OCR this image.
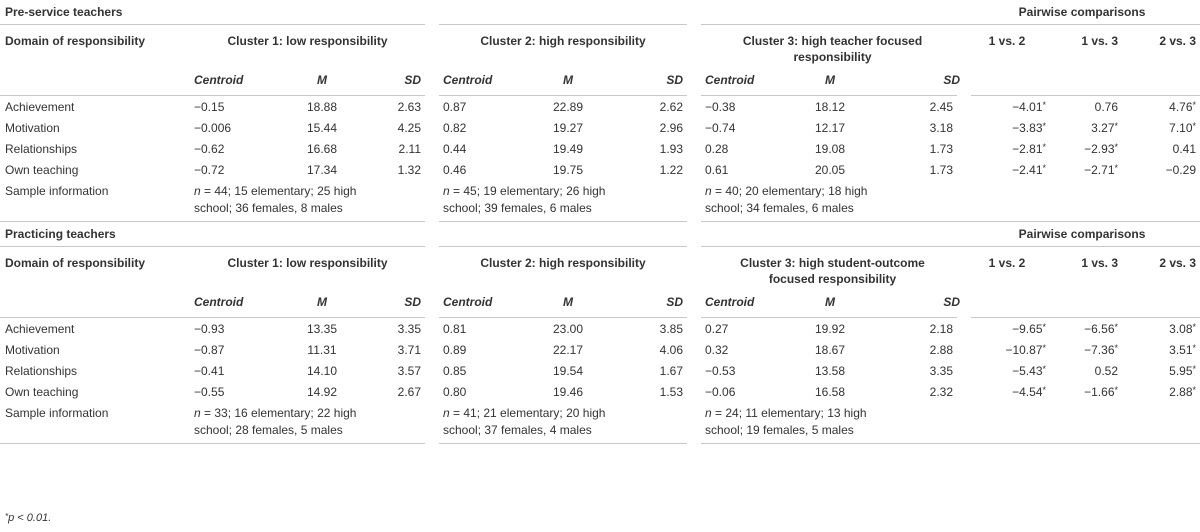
Pre-service teachers										Pairwise comparisons		
Domain of responsibility	Cluster 1: low responsibility			Cluster 2: high responsibility			Cluster 3: high teacher focused responsibility			1 vs. 2	1 vs. 3	2 vs. 3
	Centroid	M	SD	Centroid	M	SD	Centroid	M	SD			
Achievement	−0.15	18.88	2.63	0.87	22.89	2.62	−0.38	18.12	2.45	−4.01*	0.76	4.76*
Motivation	−0.006	15.44	4.25	0.82	19.27	2.96	−0.74	12.17	3.18	−3.83*	3.27*	7.10*
Relationships	−0.62	16.68	2.11	0.44	19.49	1.93	0.28	19.08	1.73	−2.81*	−2.93*	0.41
Own teaching	−0.72	17.34	1.32	0.46	19.75	1.22	0.61	20.05	1.73	−2.41*	−2.71*	−0.29
Sample information	n = 44; 15 elementary; 25 high school; 36 females, 8 males			n = 45; 19 elementary; 26 high school; 39 females, 6 males			n = 40; 20 elementary; 18 high school; 34 females, 6 males					

Practicing teachers										Pairwise comparisons		
Domain of responsibility	Cluster 1: low responsibility			Cluster 2: high responsibility			Cluster 3: high student-outcome focused responsibility			1 vs. 2	1 vs. 3	2 vs. 3
	Centroid	M	SD	Centroid	M	SD	Centroid	M	SD			
Achievement	−0.93	13.35	3.35	0.81	23.00	3.85	0.27	19.92	2.18	−9.65*	−6.56*	3.08*
Motivation	−0.87	11.31	3.71	0.89	22.17	4.06	0.32	18.67	2.88	−10.87*	−7.36*	3.51*
Relationships	−0.41	14.10	3.57	0.85	19.54	1.67	−0.53	13.58	3.35	−5.43*	0.52	5.95*
Own teaching	−0.55	14.92	2.67	0.80	19.46	1.53	−0.06	16.58	2.32	−4.54*	−1.66*	2.88*
Sample information	n = 33; 16 elementary; 22 high school; 28 females, 5 males			n = 41; 21 elementary; 20 high school; 37 females, 4 males			n = 24; 11 elementary; 13 high school; 19 females, 5 males					

*p < 0.01.
